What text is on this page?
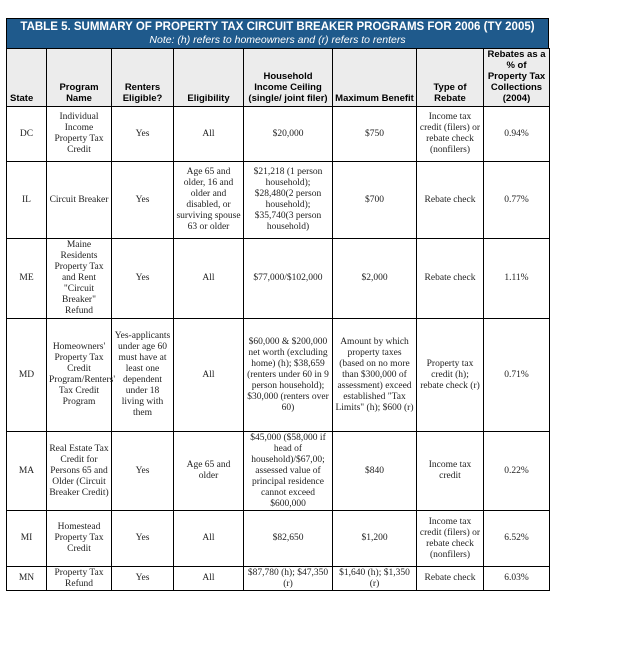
TABLE 5. SUMMARY OF PROPERTY TAX CIRCUIT BREAKER PROGRAMS FOR 2006 (TY 2005)
Note: (h) refers to homeowners and (r) refers to renters
State	Program Name	Renters Eligible?	Eligibility	Household Income Ceiling (single/ joint filer)	Maximum Benefit	Type of Rebate	Rebates as a % of Property Tax Collections (2004)
DC	Individual Income Property Tax Credit	Yes	All	$20,000	$750	Income tax credit (filers) or rebate check (nonfilers)	0.94%
IL	Circuit Breaker	Yes	Age 65 and older, 16 and older and disabled, or surviving spouse 63 or older	$21,218 (1 person household); $28,480(2 person household); $35,740(3 person household)	$700	Rebate check	0.77%
ME	Maine Residents Property Tax and Rent "Circuit Breaker" Refund	Yes	All	$77,000/$102,000	$2,000	Rebate check	1.11%
MD	Homeowners' Property Tax Credit Program/Renters' Tax Credit Program	Yes-applicants under age 60 must have at least one dependent under 18 living with them	All	$60,000 & $200,000 net worth (excluding home) (h); $38,659 (renters under 60 in 9 person household); $30,000 (renters over 60)	Amount by which property taxes (based on no more than $300,000 of assessment) exceed established "Tax Limits" (h); $600 (r)	Property tax credit (h); rebate check (r)	0.71%
MA	Real Estate Tax Credit for Persons 65 and Older (Circuit Breaker Credit)	Yes	Age 65 and older	$45,000 ($58,000 if head of household)/$67,00; assessed value of principal residence cannot exceed $600,000	$840	Income tax credit	0.22%
MI	Homestead Property Tax Credit	Yes	All	$82,650	$1,200	Income tax credit (filers) or rebate check (nonfilers)	6.52%
MN	Property Tax Refund	Yes	All	$87,780 (h); $47,350 (r)	$1,640 (h); $1,350 (r)	Rebate check	6.03%
